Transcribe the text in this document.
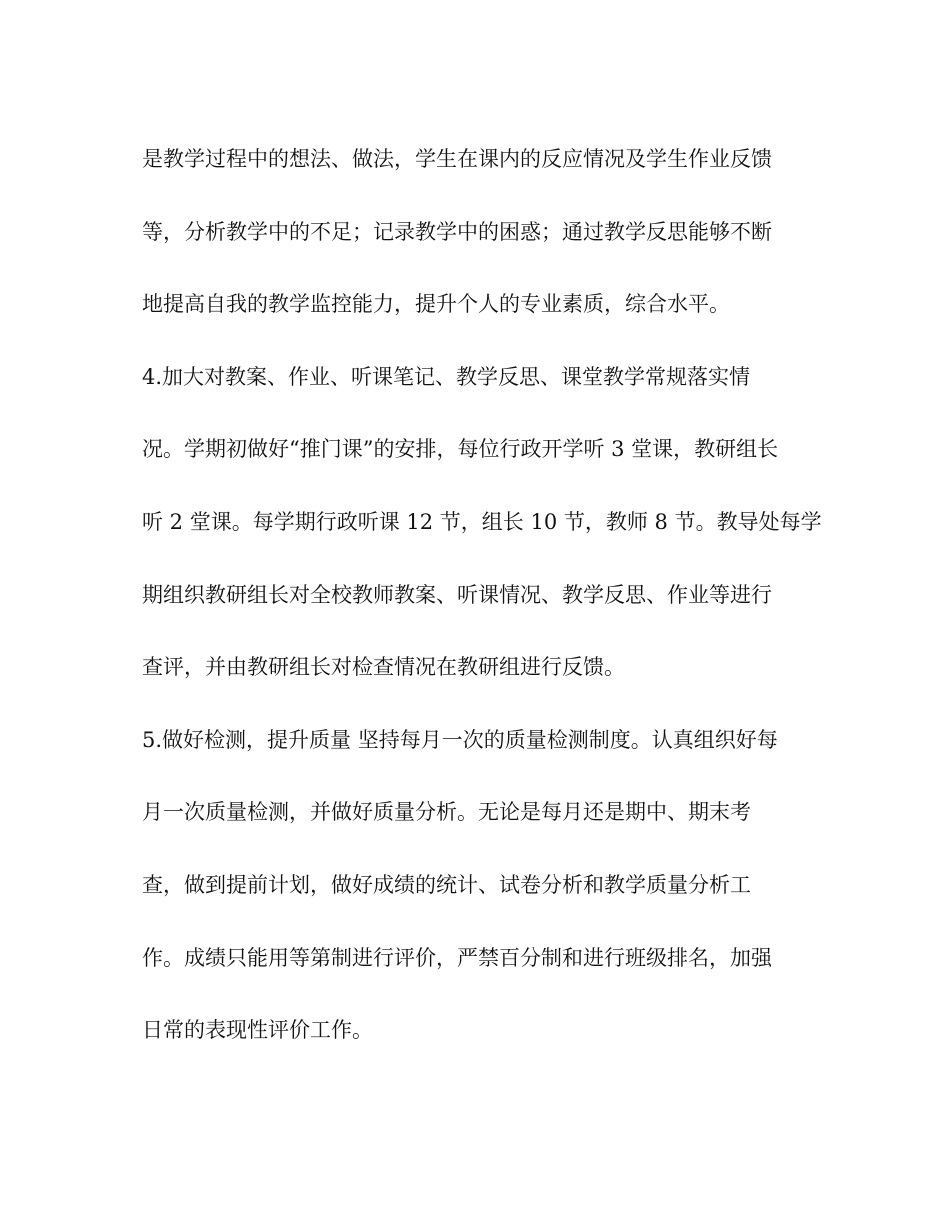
是教学过程中的想法、做法，学生在课内的反应情况及学生作业反馈
等，分析教学中的不足；记录教学中的困惑；通过教学反思能够不断
地提高自我的教学监控能力，提升个人的专业素质，综合水平。
4.加大对教案、作业、听课笔记、教学反思、课堂教学常规落实情
况。学期初做好“推门课”的安排，每位行政开学听 3 堂课，教研组长
听 2 堂课。每学期行政听课 12 节，组长 10 节，教师 8 节。教导处每学
期组织教研组长对全校教师教案、听课情况、教学反思、作业等进行
查评，并由教研组长对检查情况在教研组进行反馈。
5.做好检测，提升质量 坚持每月一次的质量检测制度。认真组织好每
月一次质量检测，并做好质量分析。无论是每月还是期中、期末考
查，做到提前计划，做好成绩的统计、试卷分析和教学质量分析工
作。成绩只能用等第制进行评价，严禁百分制和进行班级排名，加强
日常的表现性评价工作。
